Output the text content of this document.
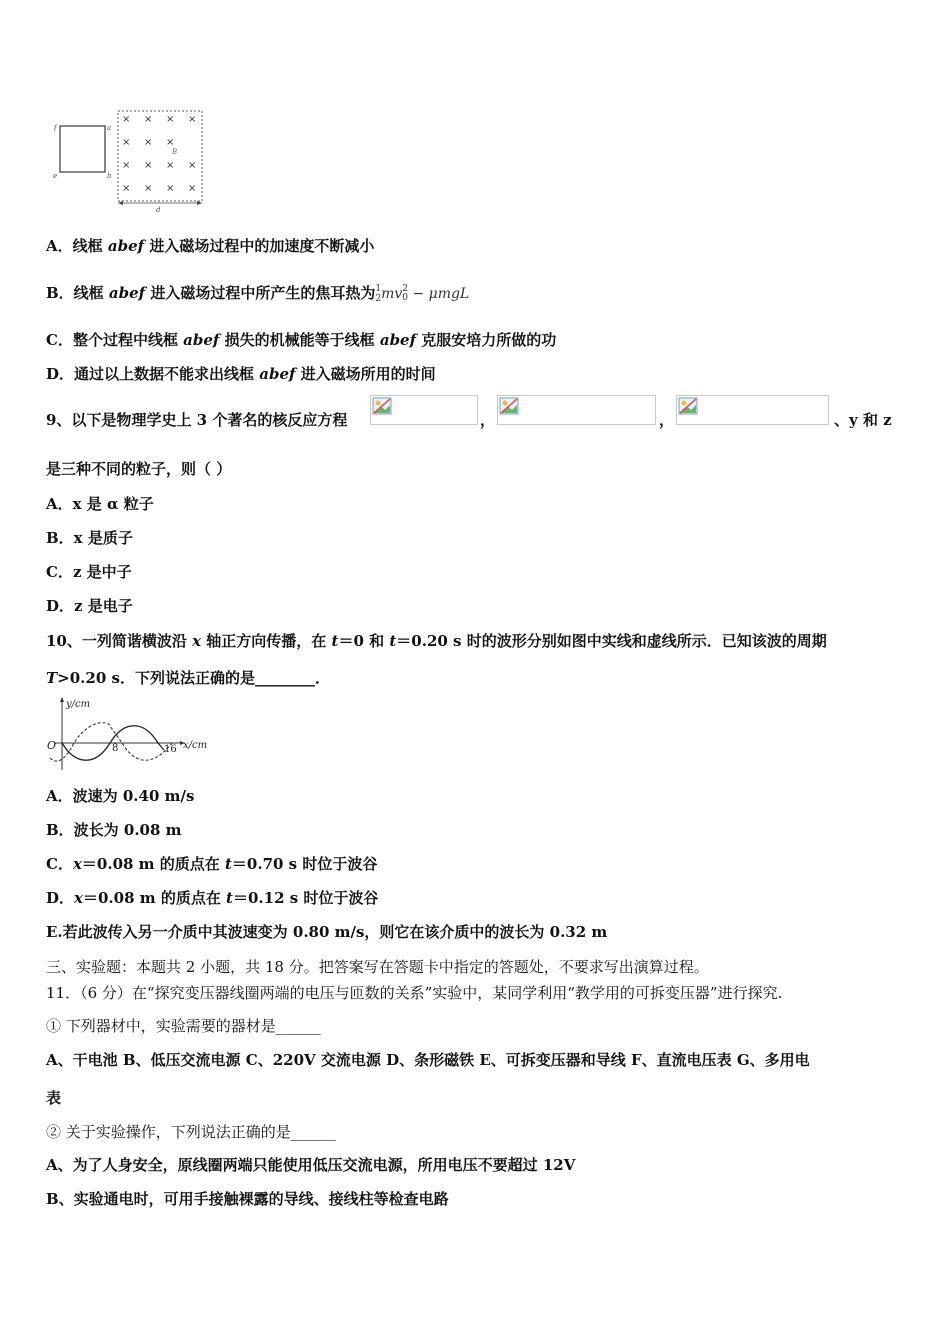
× × × ×
× × ×
× × × ×
× × × ×
f	a
e	b
B
d
A．线框 abef 进入磁场过程中的加速度不断减小
B．线框 abef 进入磁场过程中所产生的焦耳热为1
2mv2
0 − μmgL
C．整个过程中线框 abef 损失的机械能等于线框 abef 克服安培力所做的功
D．通过以上数据不能求出线框 abef 进入磁场所用的时间
9、以下是物理学史上 3 个著名的核反应方程	，	，	、y 和 z
是三种不同的粒子，则（ ）
A．x 是 α 粒子
B．x 是质子
C．z 是中子
D．z 是电子
10、一列简谐横波沿 x 轴正方向传播，在 t＝0 和 t＝0.20 s 时的波形分别如图中实线和虚线所示．已知该波的周期
T>0.20 s．下列说法正确的是________．
y/cm
x/cm
O	8	16
A．波速为 0.40 m/s
B．波长为 0.08 m
C．x＝0.08 m 的质点在 t＝0.70 s 时位于波谷
D．x＝0.08 m 的质点在 t＝0.12 s 时位于波谷
E.若此波传入另一介质中其波速变为 0.80 m/s，则它在该介质中的波长为 0.32 m
三、实验题：本题共 2 小题，共 18 分。把答案写在答题卡中指定的答题处，不要求写出演算过程。
11．（6 分）在“探究变压器线圈两端的电压与匝数的关系”实验中，某同学利用“教学用的可拆变压器”进行探究.
① 下列器材中，实验需要的器材是______
A、干电池 B、低压交流电源 C、220V 交流电源 D、条形磁铁 E、可拆变压器和导线 F、直流电压表 G、多用电
表
② 关于实验操作，下列说法正确的是______
A、为了人身安全，原线圈两端只能使用低压交流电源，所用电压不要超过 12V
B、实验通电时，可用手接触裸露的导线、接线柱等检查电路
